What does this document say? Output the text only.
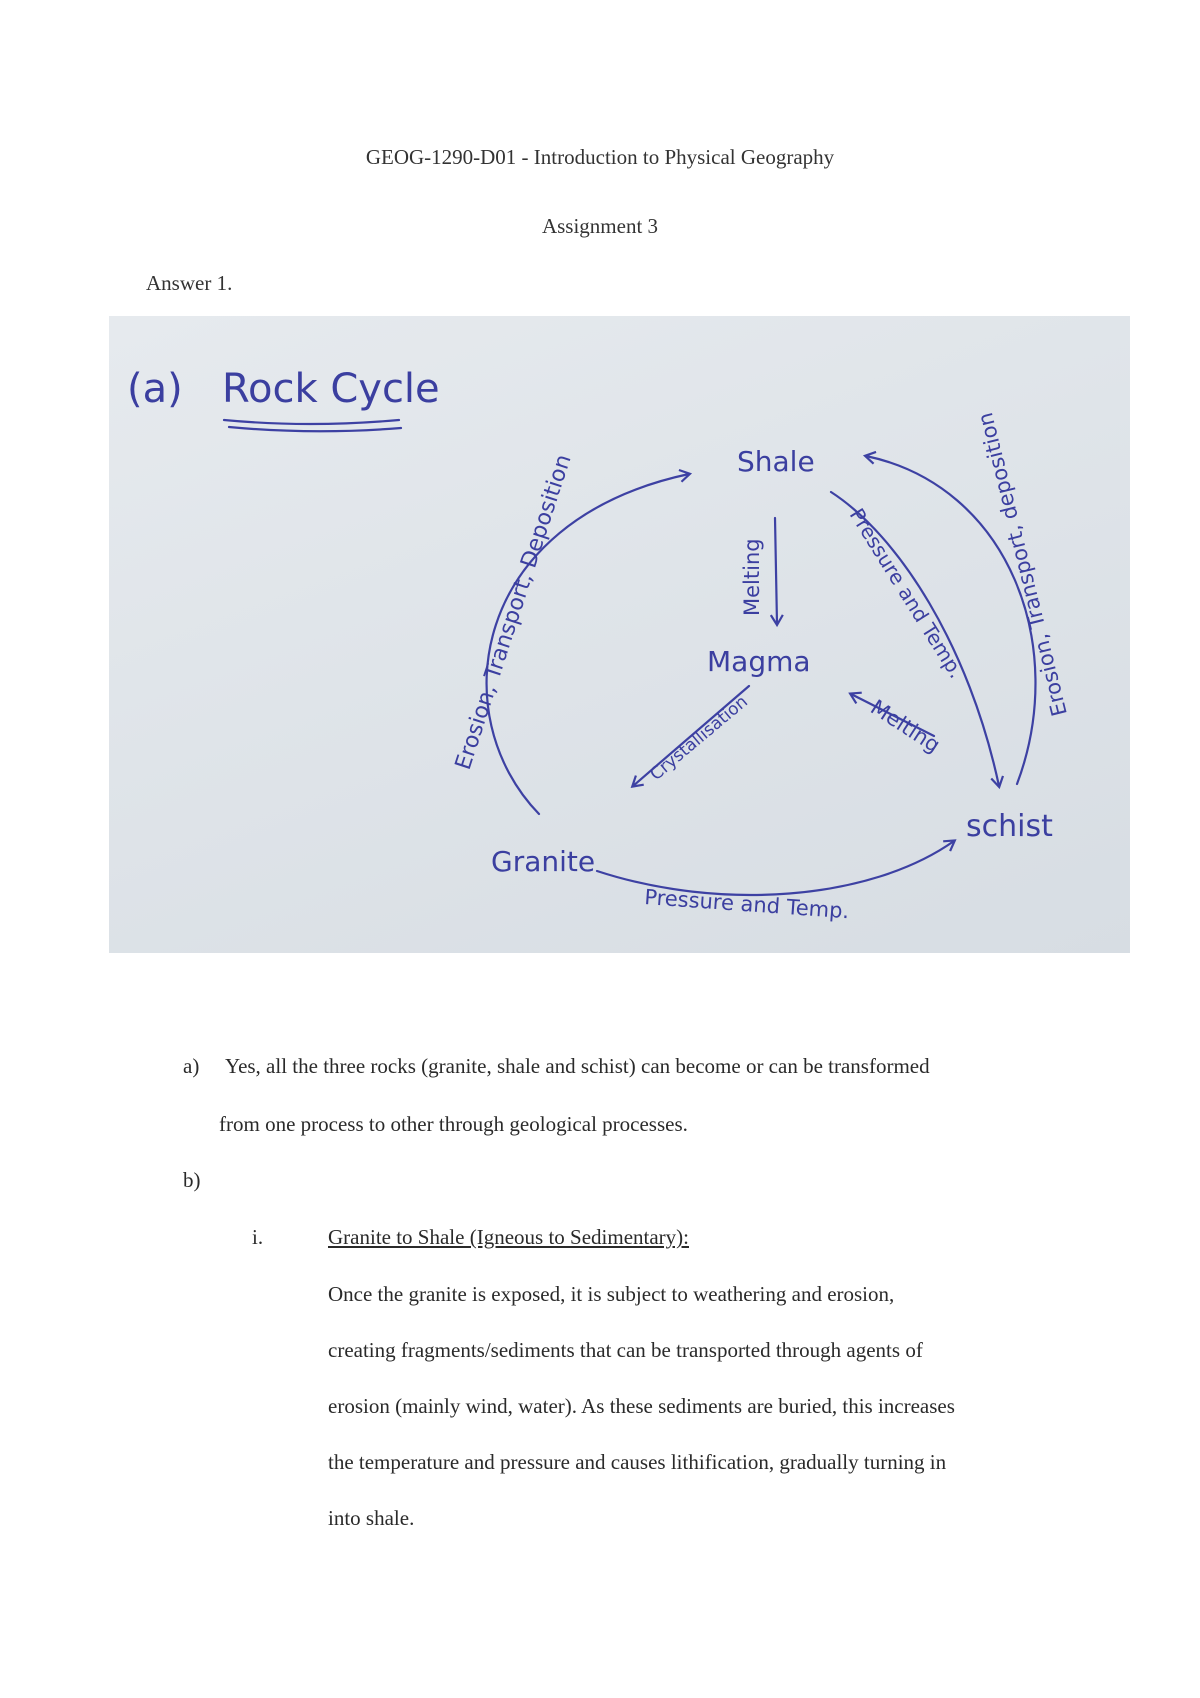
GEOG-1290-D01 - Introduction to Physical Geography
Assignment 3
Answer 1.
(a) Rock Cycle
Shale
Magma
Granite
schist
Erosion, Transport, Deposition	Melting
Crystallisation
Pressure and Temp.
Melting
Pressure and Temp.
Erosion, Transport, deposition
a) Yes, all the three rocks (granite, shale and schist) can become or can be transformed
from one process to other through geological processes.
b)
i.	Granite to Shale (Igneous to Sedimentary):
Once the granite is exposed, it is subject to weathering and erosion,
creating fragments/sediments that can be transported through agents of
erosion (mainly wind, water). As these sediments are buried, this increases
the temperature and pressure and causes lithification, gradually turning in
into shale.
